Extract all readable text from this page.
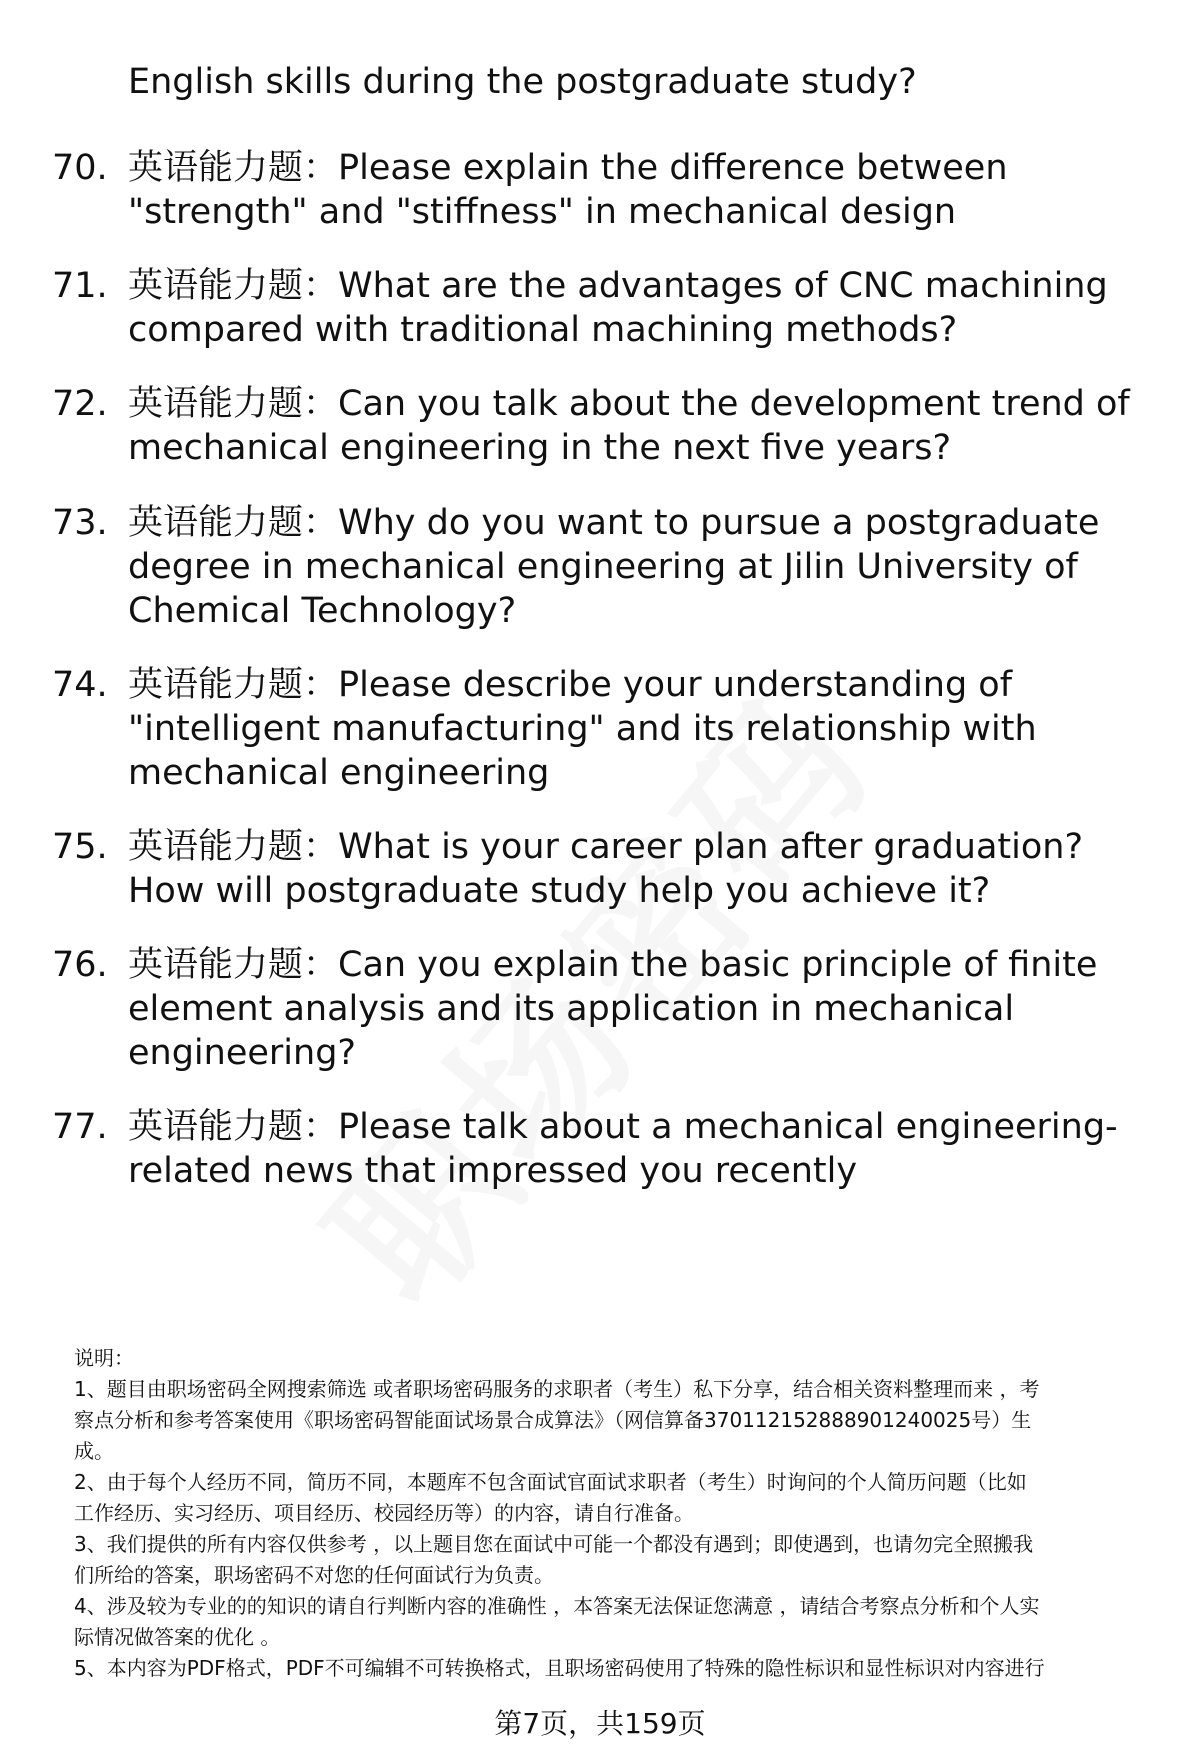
English skills during the postgraduate study?
70. 英语能力题：Please explain the difference between
"strength" and "stiffness" in mechanical design
71. 英语能力题：What are the advantages of CNC machining
compared with traditional machining methods?
72. 英语能力题：Can you talk about the development trend of
mechanical engineering in the next five years?
73. 英语能力题：Why do you want to pursue a postgraduate
degree in mechanical engineering at Jilin University of
Chemical Technology?
74. 英语能力题：Please describe your understanding of
"intelligent manufacturing" and its relationship with
mechanical engineering
75. 英语能力题：What is your career plan after graduation?
How will postgraduate study help you achieve it?
76. 英语能力题：Can you explain the basic principle of finite
element analysis and its application in mechanical
engineering?
77. 英语能力题：Please talk about a mechanical engineering-
related news that impressed you recently

说明：

1、题目由职场密码全网搜索筛选 或者职场密码服务的求职者（考生）私下分享，结合相关资料整理而来 ，考

察点分析和参考答案使用《职场密码智能面试场景合成算法》（网信算备370112152888901240025号）生

成。

2、由于每个人经历不同，简历不同，本题库不包含面试官面试求职者（考生）时询问的个人简历问题（比如

工作经历、实习经历、项目经历、校园经历等）的内容，请自行准备。

3、我们提供的所有内容仅供参考 ，以上题目您在面试中可能一个都没有遇到；即使遇到，也请勿完全照搬我

们所给的答案，职场密码不对您的任何面试行为负责。

4、涉及较为专业的的知识的请自行判断内容的准确性 ，本答案无法保证您满意 ，请结合考察点分析和个人实

际情况做答案的优化 。

5、本内容为PDF格式，PDF不可编辑不可转换格式，且职场密码使用了特殊的隐性标识和显性标识对内容进行

第7页，共159页
